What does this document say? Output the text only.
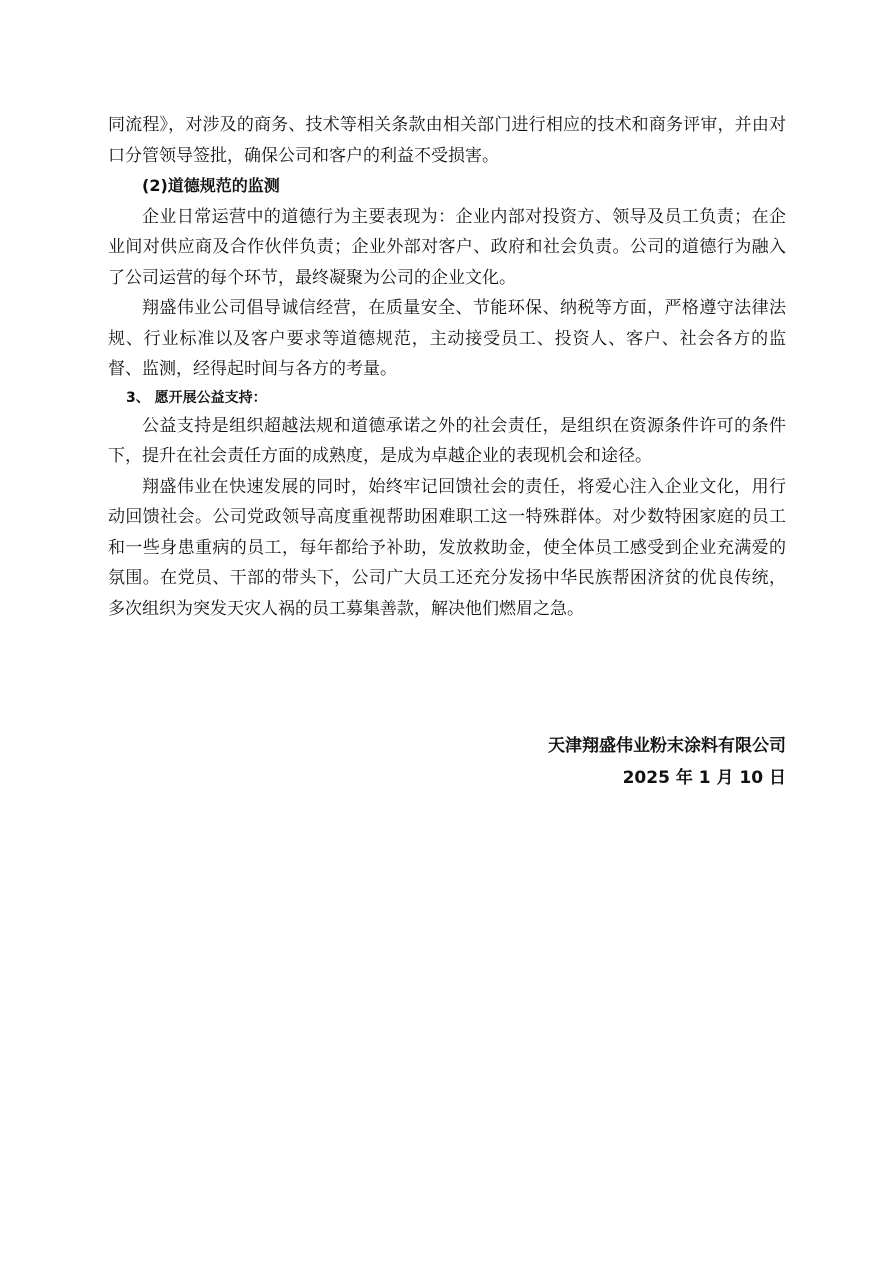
同流程》，对涉及的商务、技术等相关条款由相关部门进行相应的技术和商务评审，并由对口分管领导签批，确保公司和客户的利益不受损害。

(2)道德规范的监测

企业日常运营中的道德行为主要表现为：企业内部对投资方、领导及员工负责；在企业间对供应商及合作伙伴负责；企业外部对客户、政府和社会负责。公司的道德行为融入了公司运营的每个环节，最终凝聚为公司的企业文化。

翔盛伟业公司倡导诚信经营，在质量安全、节能环保、纳税等方面，严格遵守法律法规、行业标准以及客户要求等道德规范，主动接受员工、投资人、客户、社会各方的监督、监测，经得起时间与各方的考量。

3、 愿开展公益支持：

公益支持是组织超越法规和道德承诺之外的社会责任，是组织在资源条件许可的条件下，提升在社会责任方面的成熟度，是成为卓越企业的表现机会和途径。

翔盛伟业在快速发展的同时，始终牢记回馈社会的责任，将爱心注入企业文化，用行动回馈社会。公司党政领导高度重视帮助困难职工这一特殊群体。对少数特困家庭的员工和一些身患重病的员工，每年都给予补助，发放救助金，使全体员工感受到企业充满爱的氛围。在党员、干部的带头下，公司广大员工还充分发扬中华民族帮困济贫的优良传统，多次组织为突发天灾人祸的员工募集善款，解决他们燃眉之急。

天津翔盛伟业粉末涂料有限公司
2025 年 1 月 10 日
